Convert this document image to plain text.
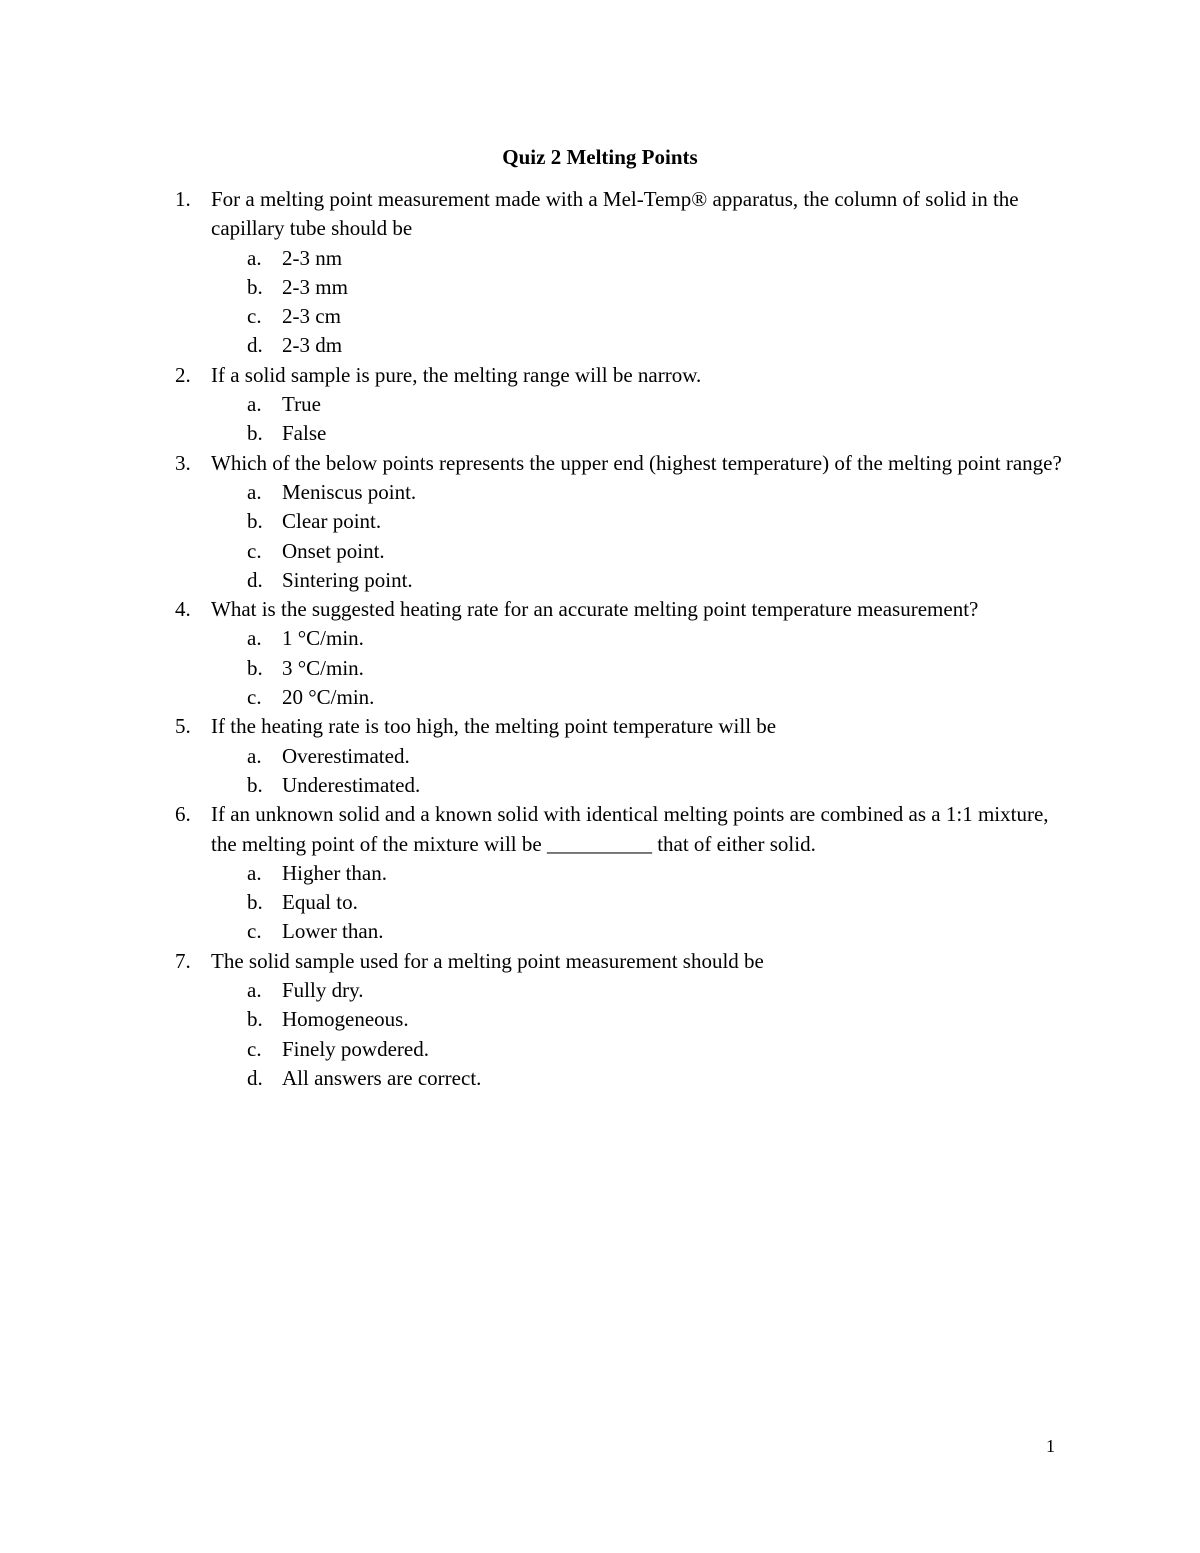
Quiz 2 Melting Points
1. For a melting point measurement made with a Mel-Temp® apparatus, the column of solid in the capillary tube should be
a. 2-3 nm
b. 2-3 mm
c. 2-3 cm
d. 2-3 dm
2. If a solid sample is pure, the melting range will be narrow.
a. True
b. False
3. Which of the below points represents the upper end (highest temperature) of the melting point range?
a. Meniscus point.
b. Clear point.
c. Onset point.
d. Sintering point.
4. What is the suggested heating rate for an accurate melting point temperature measurement?
a. 1 °C/min.
b. 3 °C/min.
c. 20 °C/min.
5. If the heating rate is too high, the melting point temperature will be
a. Overestimated.
b. Underestimated.
6. If an unknown solid and a known solid with identical melting points are combined as a 1:1 mixture, the melting point of the mixture will be __________ that of either solid.
a. Higher than.
b. Equal to.
c. Lower than.
7. The solid sample used for a melting point measurement should be
a. Fully dry.
b. Homogeneous.
c. Finely powdered.
d. All answers are correct.
1
